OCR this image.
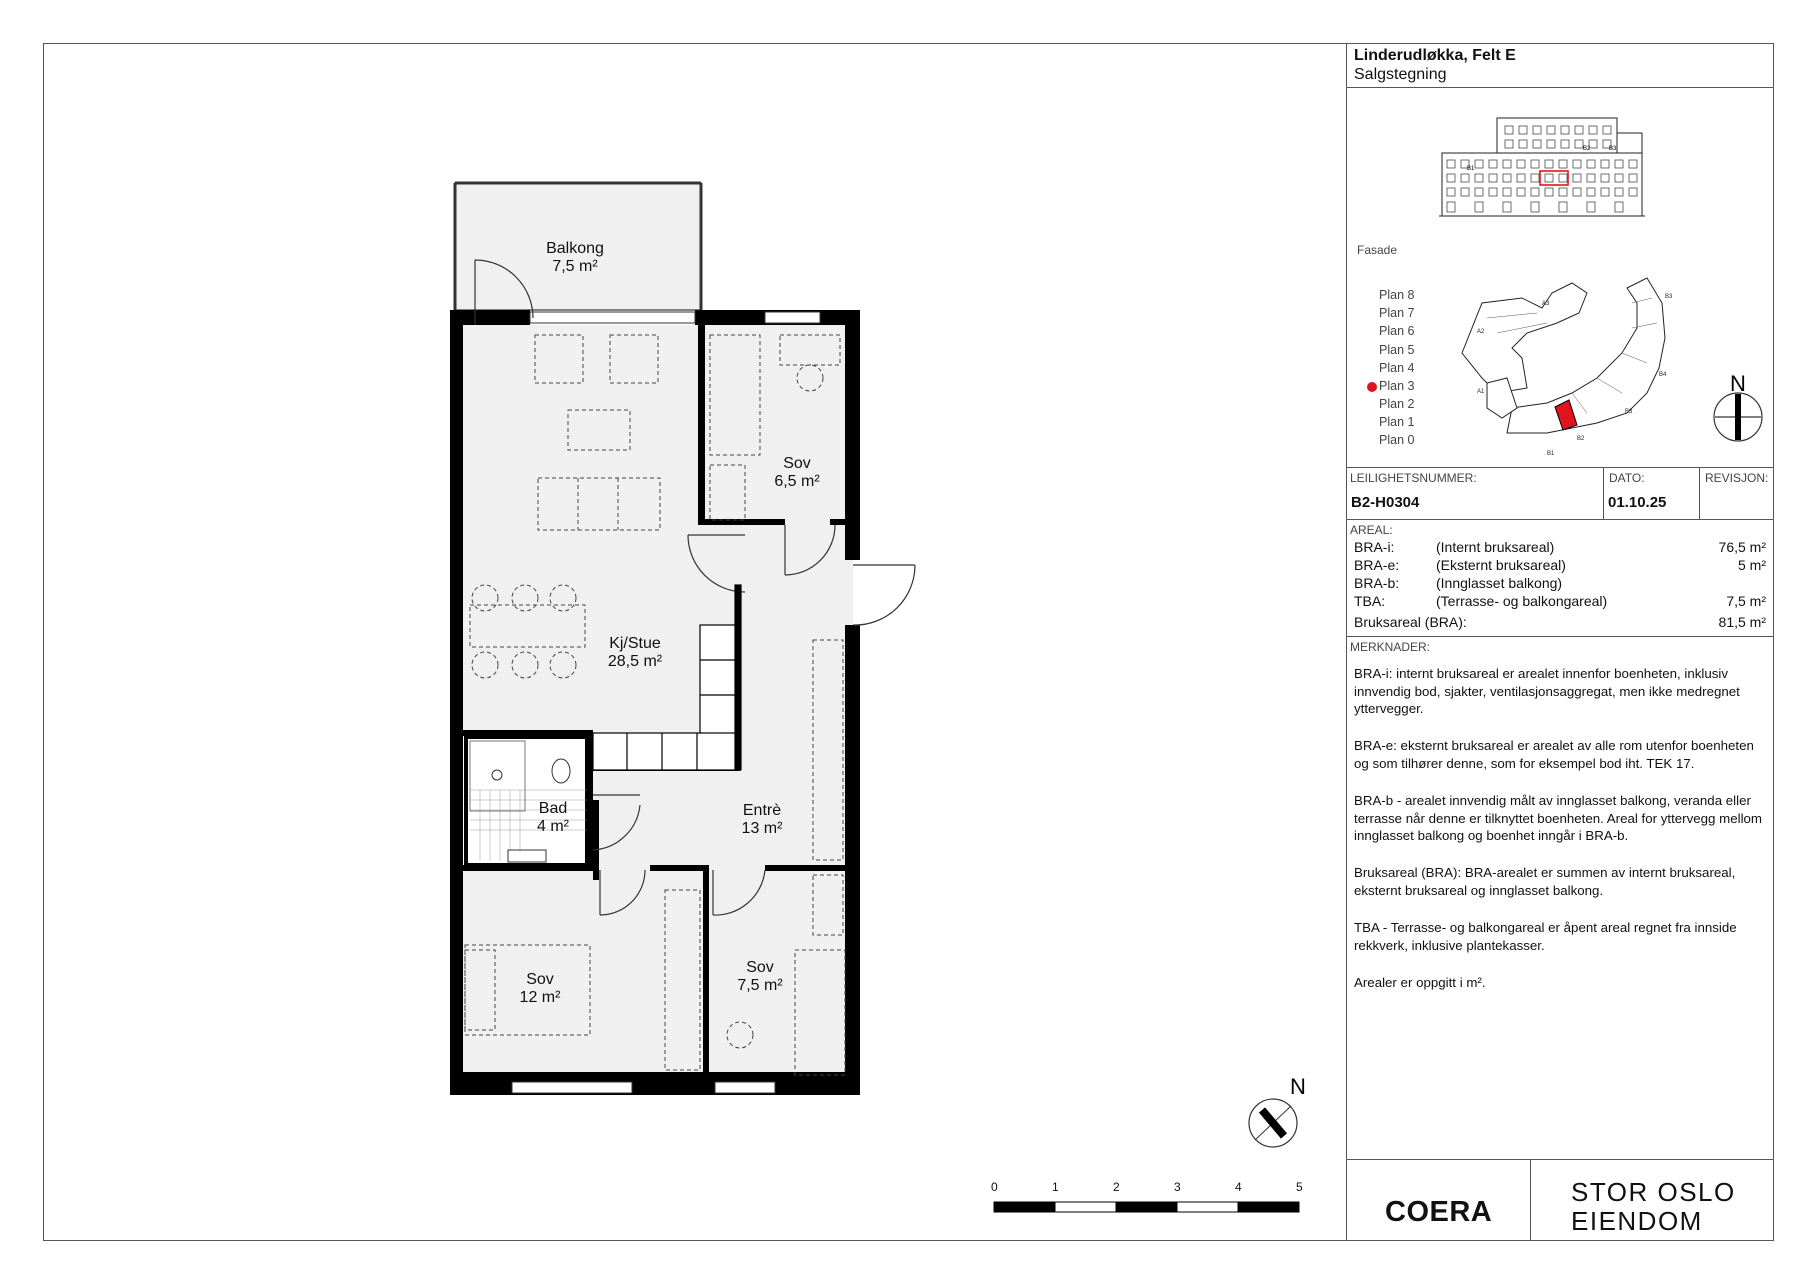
Balkong
7,5 m²
Kj/Stue
28,5 m²
Sov
6,5 m²
Bad
4 m²
Entrè
13 m²
Sov
12 m²
Sov
7,5 m²
N
0	1	2	3	4	5
Linderudløkka, Felt E
Salgstegning
B1
B2	B3
Fasade
Plan 8
Plan 7
Plan 6
Plan 5
Plan 4
Plan 3
Plan 2
Plan 1
Plan 0
A3
A2
A1
B3
B4
B3
B2
B1
N
LEILIGHETSNUMMER:
B2-H0304
DATO:
01.10.25
REVISJON:
AREAL:
BRA-i:	(Internt bruksareal)	76,5 m²
BRA-e:	(Eksternt bruksareal)	5 m²
BRA-b:	(Innglasset balkong)
TBA:	(Terrasse- og balkongareal)	7,5 m²
Bruksareal (BRA):	81,5 m²
MERKNADER:

BRA-i: internt bruksareal er arealet innenfor boenheten, inklusiv innvendig bod, sjakter, ventilasjonsaggregat, men ikke medregnet yttervegger.

BRA-e: eksternt bruksareal er arealet av alle rom utenfor boenheten og som tilhører denne, som for eksempel bod iht. TEK 17.

BRA-b - arealet innvendig målt av innglasset balkong, veranda eller terrasse når denne er tilknyttet boenheten. Areal for yttervegg mellom innglasset balkong og boenhet inngår i BRA-b.

Bruksareal (BRA): BRA-arealet er summen av internt bruksareal, eksternt bruksareal og innglasset balkong.

TBA - Terrasse- og balkongareal er åpent areal regnet fra innside rekkverk, inklusive plantekasser.

Arealer er oppgitt i m².

COERA
STOR OSLO
EIENDOM
